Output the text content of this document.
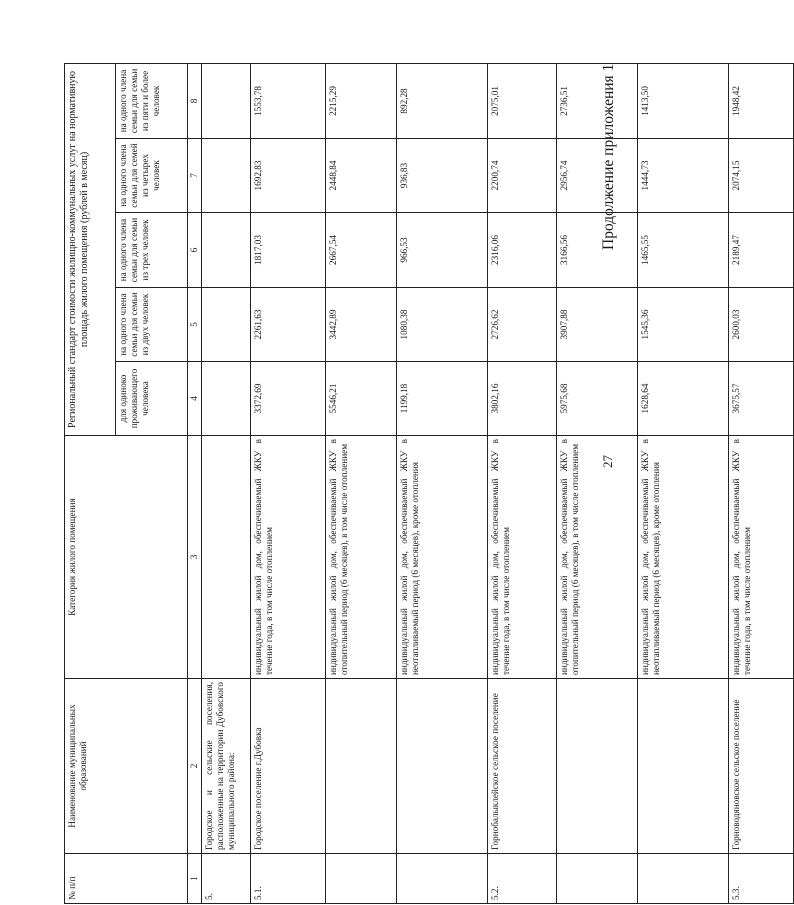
27
Продолжение приложения 1
№ п/п	Наименование муниципальных образований	Категория жилого помещения	Региональный стандарт стоимости жилищно-коммунальных услуг на нормативную площадь жилого помещения (рублей в месяц)				
			для одиноко проживающего человека	на одного члена семьи для семьи из двух человек	на одного члена семьи для семьи из трех человек	на одного члена семьи для семей из четырех человек	на одного члена семьи для семьи из пяти и более человек
1	2	3	4	5	6	7	8
5.	Городское и сельские поселения, расположенные на территории Дубовского муниципального района:						
5.1.	Городское поселение г.Дубовка	индивидуальный жилой дом, обеспечиваемый ЖКУ в течение года, в том числе отоплением	3372,69	2261,63	1817,03	1692,83	1553,78
		индивидуальный жилой дом, обеспечиваемый ЖКУ в отопительный период (6 месяцев), в том числе отоплением	5546,21	3442,89	2667,54	2448,84	2215,29
		индивидуальный жилой дом, обеспечиваемый ЖКУ в неотапливаемый период (6 месяцев), кроме отопления	1199,18	1080,38	966,53	936,83	892,28
5.2.	Горнобалыклейское сельское поселение	индивидуальный жилой дом, обеспечиваемый ЖКУ в течение года, в том числе отоплением	3802,16	2726,62	2316,06	2200,74	2075,01
		индивидуальный жилой дом, обеспечиваемый ЖКУ в отопительный период (6 месяцев), в том числе отоплением	5975,68	3907,88	3166,56	2956,74	2736,51
		индивидуальный жилой дом, обеспечиваемый ЖКУ в неотапливаемый период (6 месяцев), кроме отопления	1628,64	1545,36	1465,55	1444,73	1413,50
5.3.	Горноводяновское сельское поселение	индивидуальный жилой дом, обеспечиваемый ЖКУ в течение года, в том числе отоплением	3675,57	2600,03	2189,47	2074,15	1948,42
